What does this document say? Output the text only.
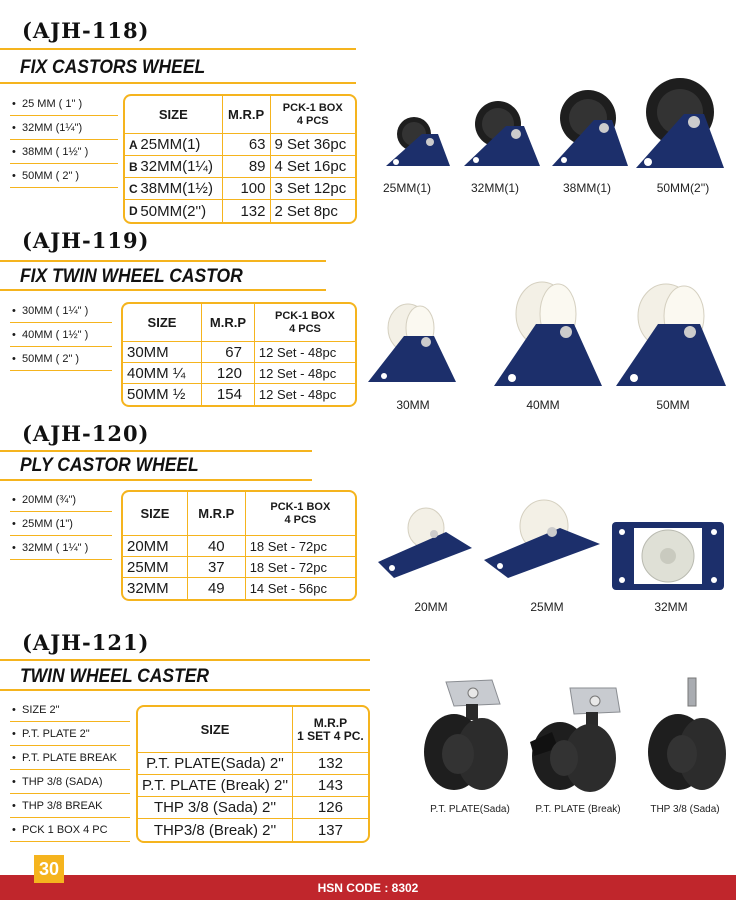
(AJH-118)
FIX CASTORS WHEEL
• 25 MM ( 1" )
• 32MM (1¼")
• 38MM ( 1½" )
• 50MM ( 2" )
SIZE		M.R.P	PCK-1 BOX
4 PCS
A	25MM(1)	63	9 Set 36pc
B	32MM(1¼)	89	4 Set 16pc
C	38MM(1½)	100	3 Set 12pc
D	50MM(2'')	132	2 Set 8pc
25MM(1)	32MM(1)	38MM(1)	50MM(2'')
(AJH-119)
FIX TWIN WHEEL CASTOR
• 30MM ( 1¼" )
• 40MM ( 1½" )
• 50MM ( 2" )
SIZE	M.R.P	PCK-1 BOX
4 PCS
30MM	67	12 Set - 48pc
40MM ¼	120	12 Set - 48pc
50MM ½	154	12 Set - 48pc
30MM	40MM	50MM
(AJH-120)
PLY CASTOR WHEEL
• 20MM (¾")
• 25MM (1")
• 32MM ( 1¼" )
SIZE	M.R.P	PCK-1 BOX
4 PCS
20MM	40	18 Set - 72pc
25MM	37	18 Set - 72pc
32MM	49	14 Set - 56pc
20MM	25MM	32MM
(AJH-121)
TWIN WHEEL CASTER
• SIZE 2"
• P.T. PLATE 2"
• P.T. PLATE BREAK
• THP 3/8 (SADA)
• THP 3/8 BREAK
• PCK 1 BOX 4 PC
SIZE	M.R.P
1 SET 4 PC.
P.T. PLATE(Sada) 2''	132
P.T. PLATE (Break) 2''	143
THP 3/8 (Sada) 2''	126
THP3/8 (Break) 2''	137
P.T. PLATE(Sada)	P.T. PLATE (Break)	THP 3/8 (Sada)
HSN CODE : 8302
30
